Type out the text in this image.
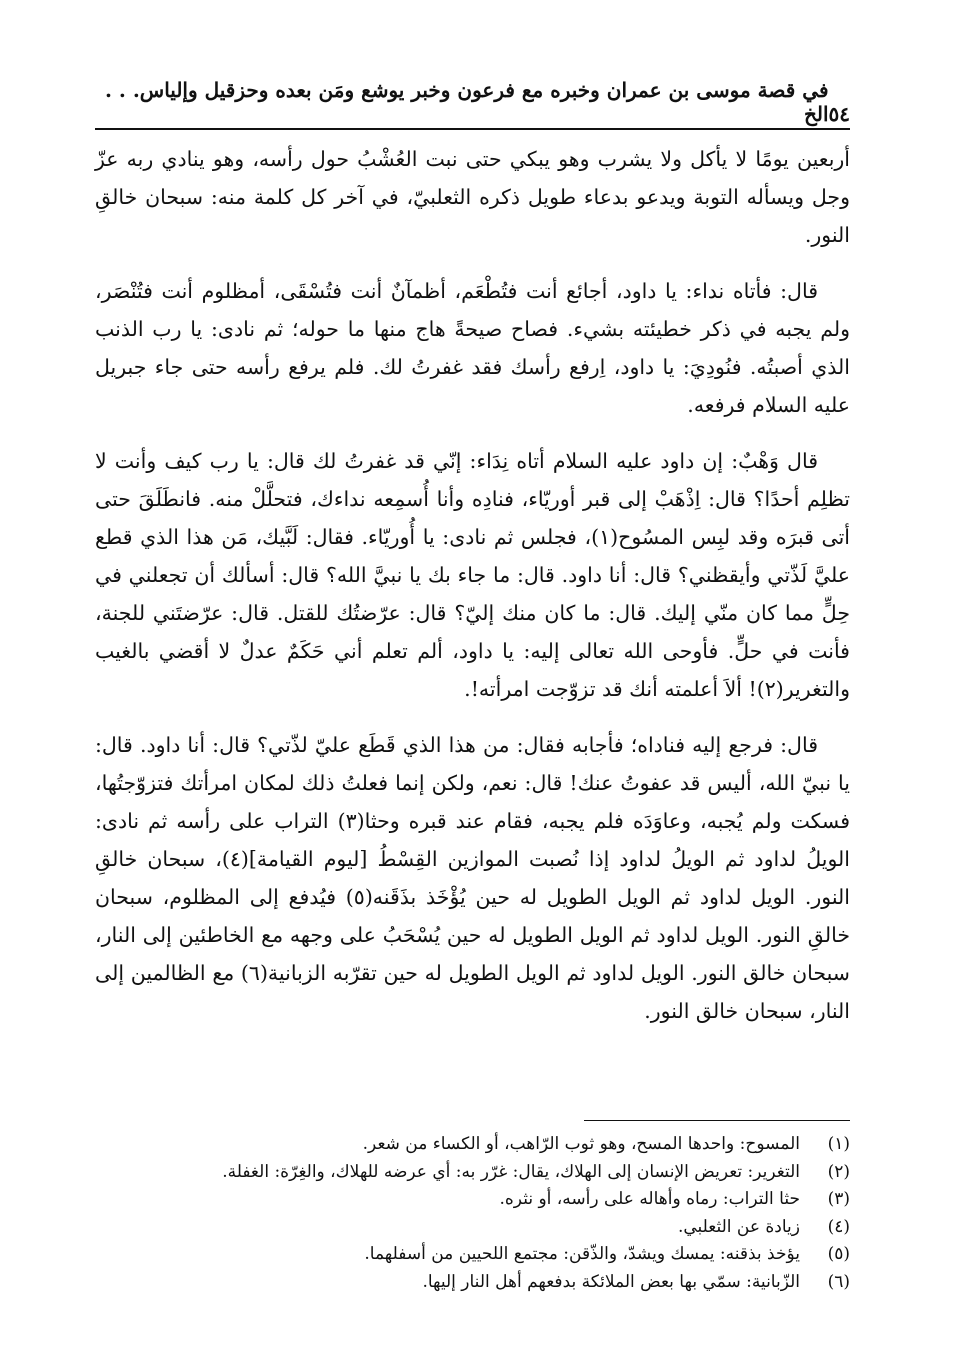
٥٤
في قصة موسى بن عمران وخبره مع فرعون وخبر يوشع ومَن بعده وحزقيل وإلياس. . . الخ

أربعين يومًا لا يأكل ولا يشرب وهو يبكي حتى نبت العُشْبُ حول رأسه، وهو ينادي ربه عزّ وجل ويسأله التوبة ويدعو بدعاء طويل ذكره الثعلبيّ، في آخر كل كلمة منه: سبحان خالقِ النور.

قال: فأتاه نداء: يا داود، أجائع أنت فتُطْعَم، أظمآنٌ أنت فتُسْقَى، أمظلوم أنت فتُنْصَر، ولم يجبه في ذكر خطيئته بشيء. فصاح صيحةً هاج منها ما حوله؛ ثم نادى: يا رب الذنب الذي أصبتُه. فنُودِيَ: يا داود، اِرفع رأسك فقد غفرتُ لك. فلم يرفع رأسه حتى جاء جبريل عليه السلام فرفعه.

قال وَهْبٌ: إن داود عليه السلام أتاه نِدَاء: إنّي قد غفرتُ لك قال: يا رب كيف وأنت لا تظلِم أحدًا؟ قال: اِذْهَبْ إلى قبر أوريّاء، فنادِه وأنا أُسمِعه نداءك، فتحلَّلْ منه. فانطَلَقَ حتى أتى قبرَه وقد لبِس المسُوح(١)، فجلس ثم نادى: يا أُوريّاء. فقال: لَبَّيك، مَن هذا الذي قطع عليَّ لَذّتي وأيقظني؟ قال: أنا داود. قال: ما جاء بك يا نبيَّ الله؟ قال: أسألك أن تجعلني في حِلٍّ مما كان منّي إليك. قال: ما كان منك إليّ؟ قال: عرّضتُك للقتل. قال: عرّضتَني للجنة، فأنت في حلٍّ. فأوحى الله تعالى إليه: يا داود، ألم تعلم أني حَكَمٌ عدلٌ لا أقضي بالغيب والتغرير(٢)! ألاَ أعلمته أنك قد تزوّجت امرأته!.

قال: فرجع إليه فناداه؛ فأجابه فقال: من هذا الذي قَطَع عليّ لذّتي؟ قال: أنا داود. قال: يا نبيّ الله، أليس قد عفوتُ عنك! قال: نعم، ولكن إنما فعلتُ ذلك لمكان امرأتك فتزوّجتُها، فسكت ولم يُجبه، وعاوَدَه فلم يجبه، فقام عند قبره وحثا(٣) التراب على رأسه ثم نادى: الويلُ لداود ثم الويلُ لداود إذا نُصبت الموازين القِسْطُ [ليوم القيامة](٤)، سبحان خالقِ النور. الويل لداود ثم الويل الطويل له حين يُؤْخَذ بذَقَنه(٥) فيُدفع إلى المظلوم، سبحان خالقِ النور. الويل لداود ثم الويل الطويل له حين يُسْحَبُ على وجهه مع الخاطئين إلى النار، سبحان خالق النور. الويل لداود ثم الويل الطويل له حين تقرّبه الزبانية(٦) مع الظالمين إلى النار، سبحان خالق النور.

(١)
المسوح: واحدها المسح، وهو ثوب الرّاهب، أو الكساء من شعر.
(٢)
التغرير: تعريض الإنسان إلى الهلاك، يقال: غرّر به: أي عرضه للهلاك، والغِرّة: الغفلة.
(٣)
حثا التراب: رماه وأهاله على رأسه، أو نثره.
(٤)
زيادة عن الثعلبي.
(٥)
يؤخذ بذقنه: يمسك ويشدّ، والذّقن: مجتمع اللحيين من أسفلهما.
(٦)
الزّبانية: سمّي بها بعض الملائكة بدفعهم أهل النار إليها.
